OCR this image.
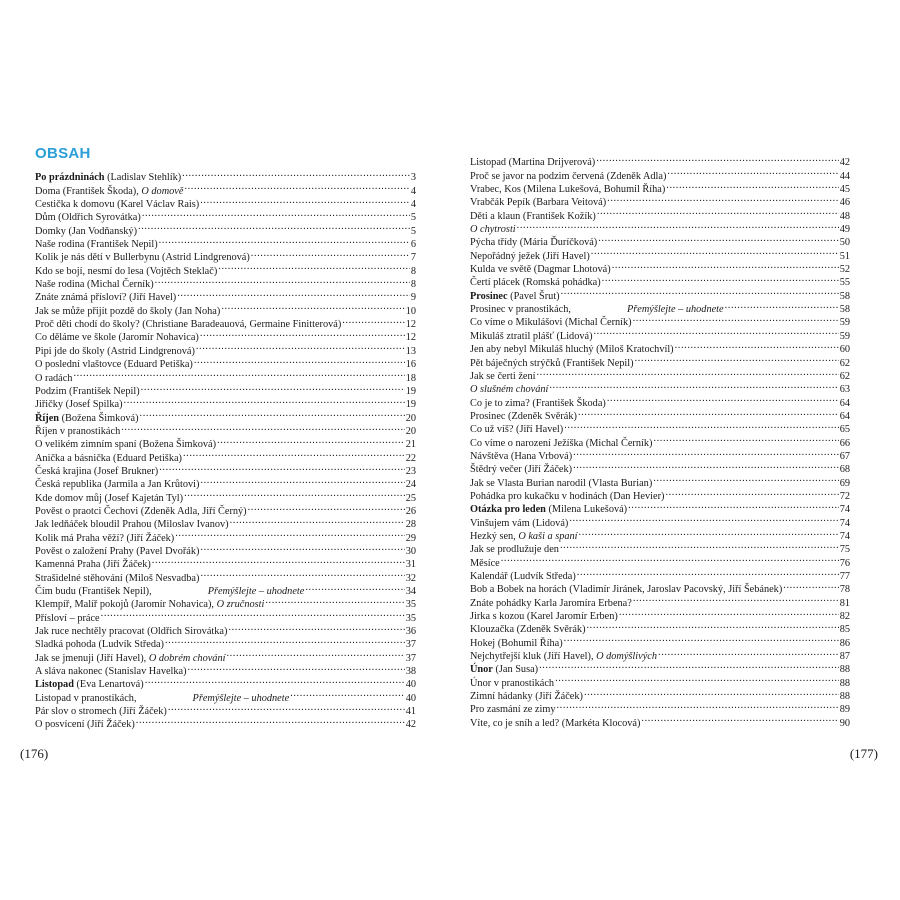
OBSAH
Po prázdninách (Ladislav Stehlík) .....	3
Doma (František Škoda), O domově .....	4
Cestička k domovu (Karel Václav Rais) .....	4
Dům (Oldřich Syrovátka) .....	5
Domky (Jan Vodňanský) .....	5
Naše rodina (František Nepil) .....	6
Kolik je nás dětí v Bullerbynu (Astrid Lindgrenová) .....	7
Kdo se bojí, nesmí do lesa (Vojtěch Steklač) .....	8
Naše rodina (Michal Černík) .....	8
Znáte známá přísloví? (Jiří Havel) .....	9
Jak se může přijít pozdě do školy (Jan Noha) .....	10
Proč děti chodí do školy? (Christiane Baradeauová, Germaine Finitterová) .....	12
Co děláme ve škole (Jaromír Nohavica) .....	12
Pipi jde do školy (Astrid Lindgrenová) .....	13
O poslední vlaštovce (Eduard Petiška) .....	16
O radách .....	18
Podzim (František Nepil) .....	19
Jiřičky (Josef Spilka) .....	19
Říjen (Božena Šimková) .....	20
Říjen v pranostikách .....	20
O velikém zimním spaní (Božena Šimková) .....	21
Anička a básnička (Eduard Petiška) .....	22
Česká krajina (Josef Brukner) .....	23
Česká republika (Jarmila a Jan Krůtovi) .....	24
Kde domov můj (Josef Kajetán Tyl) .....	25
Pověst o praotci Čechovi (Zdeněk Adla, Jiří Černý) .....	26
Jak ledňáček bloudil Prahou (Miloslav Ivanov) .....	28
Kolik má Praha věží? (Jiří Žáček) .....	29
Pověst o založení Prahy (Pavel Dvořák) .....	30
Kamenná Praha (Jiří Žáček) .....	31
Strašidelné stěhování (Miloš Nesvadba) .....	32
Čím budu (František Nepil),	Přemýšlejte – uhodnete .....	34
Klempíř, Malíř pokojů (Jaromír Nohavica), O zručnosti .....	35
Přísloví – práce .....	35
Jak ruce nechtěly pracovat (Oldřich Sirovátka) .....	36
Sladká pohoda (Ludvík Středa) .....	37
Jak se jmenuji (Jiří Havel), O dobrém chování .....	37
A sláva nakonec (Stanislav Havelka) .....	38
Listopad (Eva Lenartová) .....	40
Listopad v pranostikách,	Přemýšlejte – uhodnete .....	40
Pár slov o stromech (Jiří Žáček) .....	41
O posvícení (Jiří Žáček) .....	42
Listopad (Martina Drijverová) .....	42
Proč se javor na podzim červená (Zdeněk Adla) .....	44
Vrabec, Kos (Milena Lukešová, Bohumil Říha) .....	45
Vrabčák Pepík (Barbara Veitová) .....	46
Děti a klaun (František Kožík) .....	48
O chytrosti .....	49
Pýcha třídy (Mária Ďuríčková) .....	50
Nepořádný ježek (Jiří Havel) .....	51
Kulda ve světě (Dagmar Lhotová) .....	52
Čertí plácek (Romská pohádka) .....	55
Prosinec (Pavel Šrut) .....	58
Prosinec v pranostikách,	Přemýšlejte – uhodnete .....	58
Co víme o Mikulášovi (Michal Černík) .....	59
Mikuláš ztratil plášť (Lidová) .....	59
Jen aby nebyl Mikuláš hluchý (Miloš Kratochvíl) .....	60
Pět báječných strýčků (František Nepil) .....	62
Jak se čerti žení .....	62
O slušném chování .....	63
Co je to zima? (František Škoda) .....	64
Prosinec (Zdeněk Svěrák) .....	64
Co už víš? (Jiří Havel) .....	65
Co víme o narození Ježíška (Michal Černík) .....	66
Návštěva (Hana Vrbová) .....	67
Štědrý večer (Jiří Žáček) .....	68
Jak se Vlasta Burian narodil (Vlasta Burian) .....	69
Pohádka pro kukačku v hodinách (Dan Hevier) .....	72
Otázka pro leden (Milena Lukešová) .....	74
Vinšujem vám (Lidová) .....	74
Hezký sen, O kaši a spaní .....	74
Jak se prodlužuje den .....	75
Měsíce .....	76
Kalendář (Ludvík Středa) .....	77
Bob a Bobek na horách (Vladimír Jiránek, Jaroslav Pacovský, Jiří Šebánek) .....	78
Znáte pohádky Karla Jaromíra Erbena? .....	81
Jirka s kozou (Karel Jaromír Erben) .....	82
Klouzačka (Zdeněk Svěrák) .....	85
Hokej (Bohumil Říha) .....	86
Nejchytřejší kluk (Jiří Havel), O domýšlivých .....	87
Únor (Jan Susa) .....	88
Únor v pranostikách .....	88
Zimní hádanky (Jiří Žáček) .....	88
Pro zasmání ze zimy .....	89
Víte, co je sníh a led? (Markéta Klocová) .....	90
(176)	(177)
